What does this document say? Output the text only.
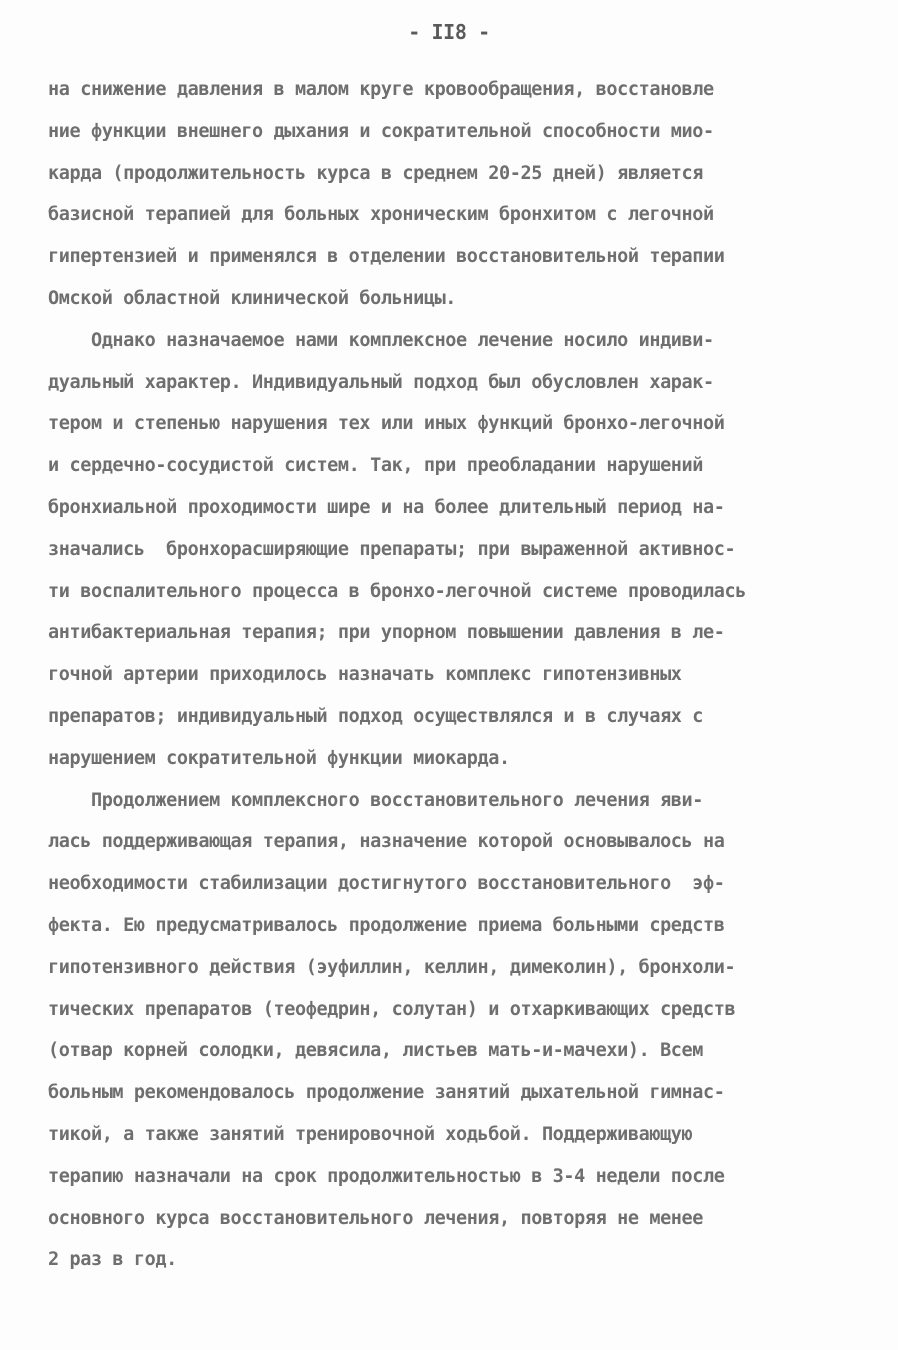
- II8 -
на снижение давления в малом круге кровообращения, восстановле
ние функции внешнего дыхания и сократительной способности мио-
карда (продолжительность курса в среднем 20-25 дней) является
базисной терапией для больных хроническим бронхитом с легочной
гипертензией и применялся в отделении восстановительной терапии
Омской областной клинической больницы.
Однако назначаемое нами комплексное лечение носило индиви-
дуальный характер. Индивидуальный подход был обусловлен харак-
тером и степенью нарушения тех или иных функций бронхо-легочной
и сердечно-сосудистой систем. Так, при преобладании нарушений
бронхиальной проходимости шире и на более длительный период на-
значались  бронхорасширяющие препараты; при выраженной активнос-
ти воспалительного процесса в бронхо-легочной системе проводилась
антибактериальная терапия; при упорном повышении давления в ле-
гочной артерии приходилось назначать комплекс гипотензивных
препаратов; индивидуальный подход осуществлялся и в случаях с
нарушением сократительной функции миокарда.
Продолжением комплексного восстановительного лечения яви-
лась поддерживающая терапия, назначение которой основывалось на
необходимости стабилизации достигнутого восстановительного  эф-
фекта. Ею предусматривалось продолжение приема больными средств
гипотензивного действия (эуфиллин, келлин, димеколин), бронхоли-
тических препаратов (теофедрин, солутан) и отхаркивающих средств
(отвар корней солодки, девясила, листьев мать-и-мачехи). Всем
больным рекомендовалось продолжение занятий дыхательной гимнас-
тикой, а также занятий тренировочной ходьбой. Поддерживающую
терапию назначали на срок продолжительностью в 3-4 недели после
основного курса восстановительного лечения, повторяя не менее
2 раз в год.
